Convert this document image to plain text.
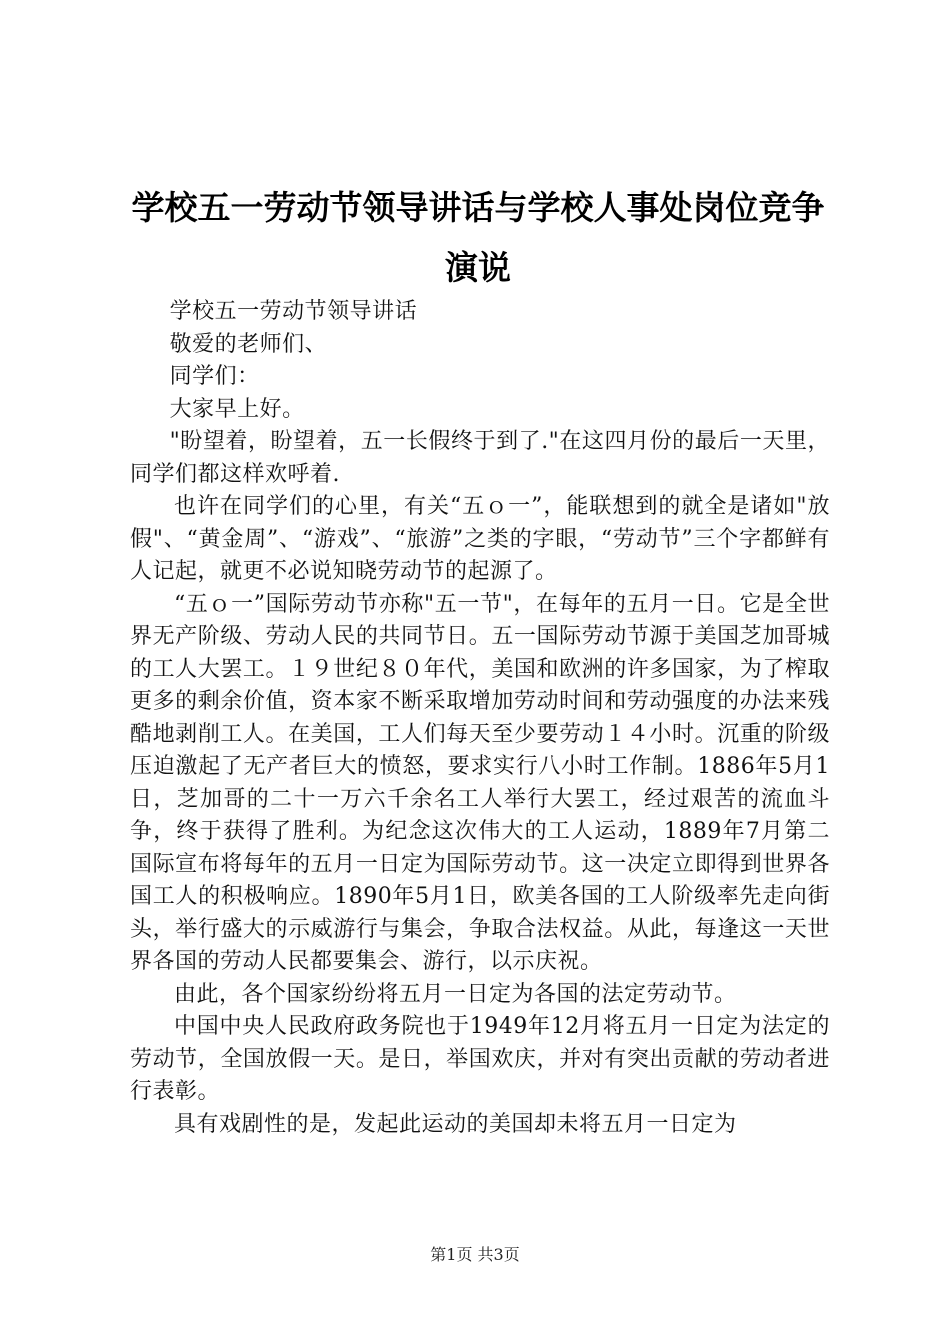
学校五一劳动节领导讲话与学校人事处岗位竞争演说

学校五一劳动节领导讲话

敬爱的老师们、

同学们：

大家早上好。

"盼望着，盼望着，五一长假终于到了."在这四月份的最后一天里，同学们都这样欢呼着.

也许在同学们的心里，有关“五ｏ一”，能联想到的就全是诸如"放假"、“黄金周”、“游戏”、“旅游”之类的字眼，“劳动节”三个字都鲜有人记起，就更不必说知晓劳动节的起源了。

“五ｏ一”国际劳动节亦称"五一节"，在每年的五月一日。它是全世界无产阶级、劳动人民的共同节日。五一国际劳动节源于美国芝加哥城的工人大罢工。１９世纪８０年代，美国和欧洲的许多国家，为了榨取更多的剩余价值，资本家不断采取增加劳动时间和劳动强度的办法来残酷地剥削工人。在美国，工人们每天至少要劳动１４小时。沉重的阶级压迫激起了无产者巨大的愤怒，要求实行八小时工作制。1886年5月1日，芝加哥的二十一万六千余名工人举行大罢工，经过艰苦的流血斗争，终于获得了胜利。为纪念这次伟大的工人运动，1889年7月第二国际宣布将每年的五月一日定为国际劳动节。这一决定立即得到世界各国工人的积极响应。1890年5月1日，欧美各国的工人阶级率先走向街头，举行盛大的示威游行与集会，争取合法权益。从此，每逢这一天世界各国的劳动人民都要集会、游行，以示庆祝。

由此，各个国家纷纷将五月一日定为各国的法定劳动节。

中国中央人民政府政务院也于1949年12月将五月一日定为法定的劳动节，全国放假一天。是日，举国欢庆，并对有突出贡献的劳动者进行表彰。

具有戏剧性的是，发起此运动的美国却未将五月一日定为

第1页 共3页
